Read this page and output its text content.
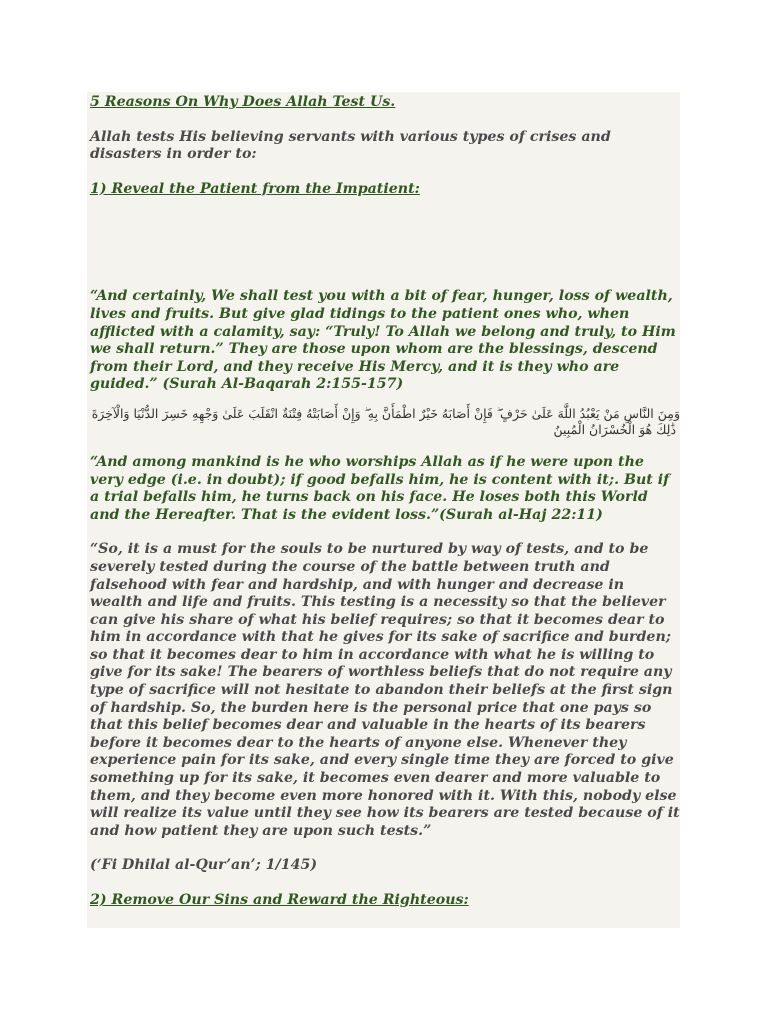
5 Reasons On Why Does Allah Test Us.

Allah tests His believing servants with various types of crises and disasters in order to:

1) Reveal the Patient from the Impatient:

“And certainly, We shall test you with a bit of fear, hunger, loss of wealth, lives and fruits. But give glad tidings to the patient ones who, when afflicted with a calamity, say: “Truly! To Allah we belong and truly, to Him we shall return.” They are those upon whom are the blessings, descend from their Lord, and they receive His Mercy, and it is they who are guided.” (Surah Al-Baqarah 2:155-157)

وَمِنَ النَّاسِ مَنْ يَعْبُدُ اللَّهَ عَلَىٰ حَرْفٍ ۖ فَإِنْ أَصَابَهُ خَيْرٌ اطْمَأَنَّ بِهِ ۖ وَإِنْ أَصَابَتْهُ فِتْنَةٌ انْقَلَبَ عَلَىٰ وَجْهِهِ خَسِرَ الدُّنْيَا وَالْآخِرَةَ ۚ ذَٰلِكَ هُوَ الْخُسْرَانُ الْمُبِينُ

“And among mankind is he who worships Allah as if he were upon the very edge (i.e. in doubt); if good befalls him, he is content with it;. But if a trial befalls him, he turns back on his face. He loses both this World and the Hereafter. That is the evident loss.”(Surah al-Haj 22:11)

“So, it is a must for the souls to be nurtured by way of tests, and to be severely tested during the course of the battle between truth and falsehood with fear and hardship, and with hunger and decrease in wealth and life and fruits. This testing is a necessity so that the believer can give his share of what his belief requires; so that it becomes dear to him in accordance with that he gives for its sake of sacrifice and burden; so that it becomes dear to him in accordance with what he is willing to give for its sake! The bearers of worthless beliefs that do not require any type of sacrifice will not hesitate to abandon their beliefs at the first sign of hardship. So, the burden here is the personal price that one pays so that this belief becomes dear and valuable in the hearts of its bearers before it becomes dear to the hearts of anyone else. Whenever they experience pain for its sake, and every single time they are forced to give something up for its sake, it becomes even dearer and more valuable to them, and they become even more honored with it. With this, nobody else will realize its value until they see how its bearers are tested because of it and how patient they are upon such tests.”

(‘Fi Dhilal al-Qur’an’; 1/145)

2) Remove Our Sins and Reward the Righteous:
